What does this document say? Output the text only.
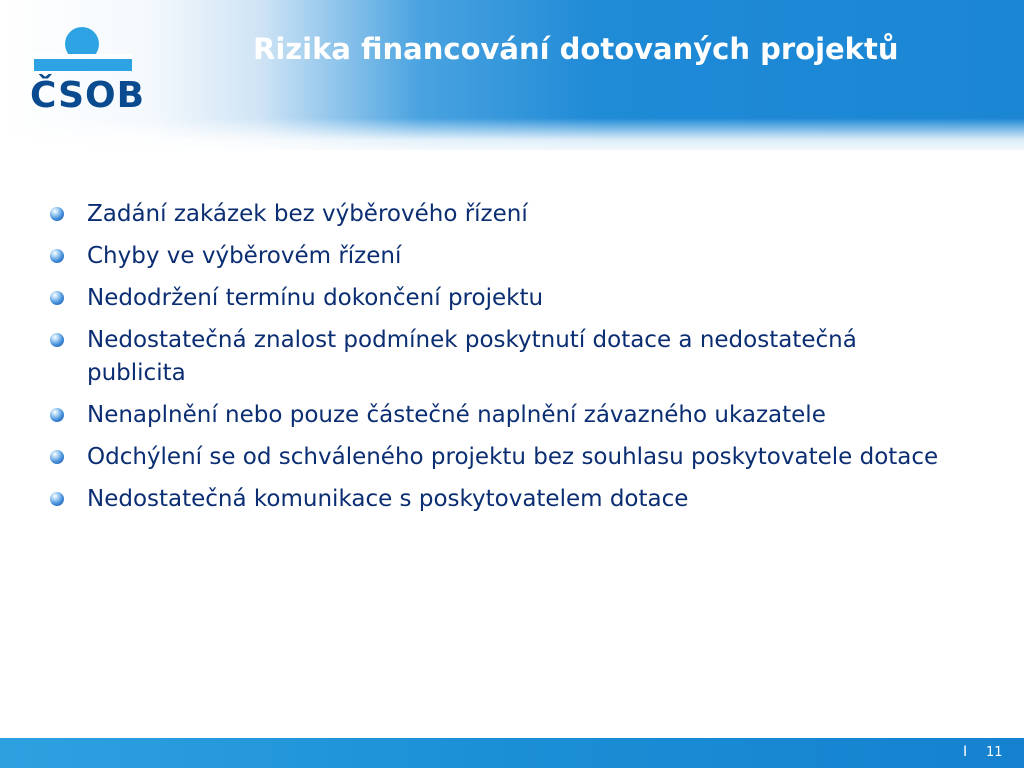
ČSOB
Rizika financování dotovaných projektů
Zadání zakázek bez výběrového řízení
Chyby ve výběrovém řízení
Nedodržení termínu dokončení projektu
Nedostatečná znalost podmínek poskytnutí dotace a nedostatečná publicita
Nenaplnění nebo pouze částečné naplnění závazného ukazatele
Odchýlení se od schváleného projektu bez souhlasu poskytovatele dotace
Nedostatečná komunikace s poskytovatelem dotace
I 11
